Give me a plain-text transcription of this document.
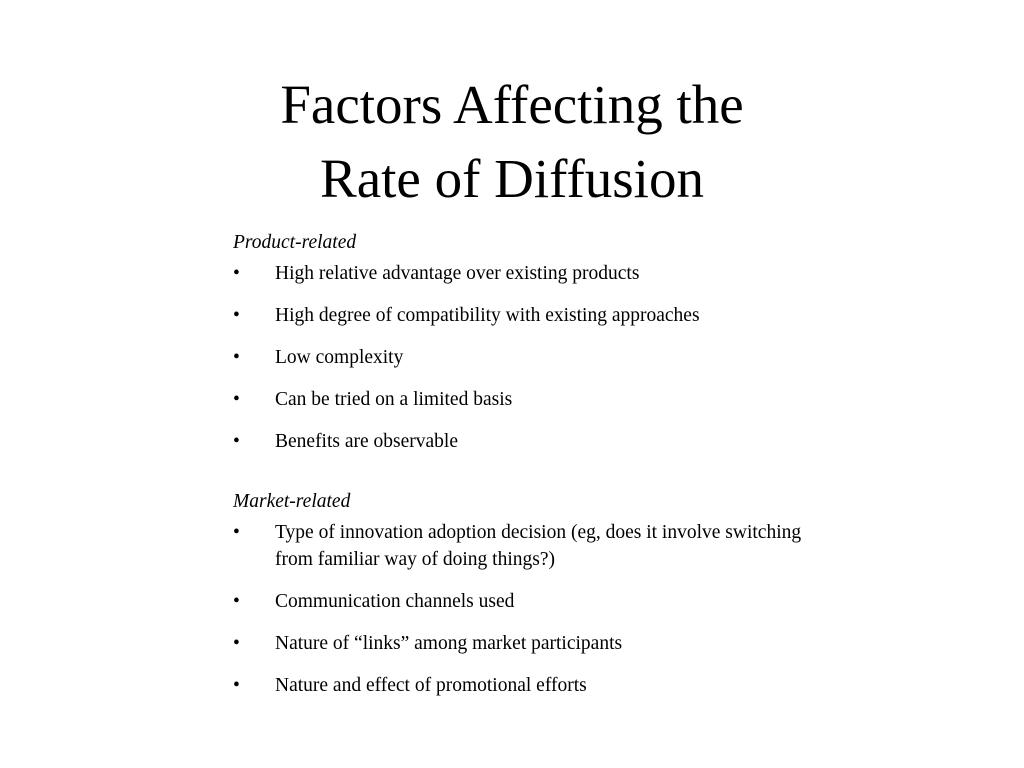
Factors Affecting the
Rate of Diffusion

Product-related

• High relative advantage over existing products
• High degree of compatibility with existing approaches
• Low complexity
• Can be tried on a limited basis
• Benefits are observable

Market-related

• Type of innovation adoption decision (eg, does it involve switching from familiar way of doing things?)
• Communication channels used
• Nature of “links” among market participants
• Nature and effect of promotional efforts
